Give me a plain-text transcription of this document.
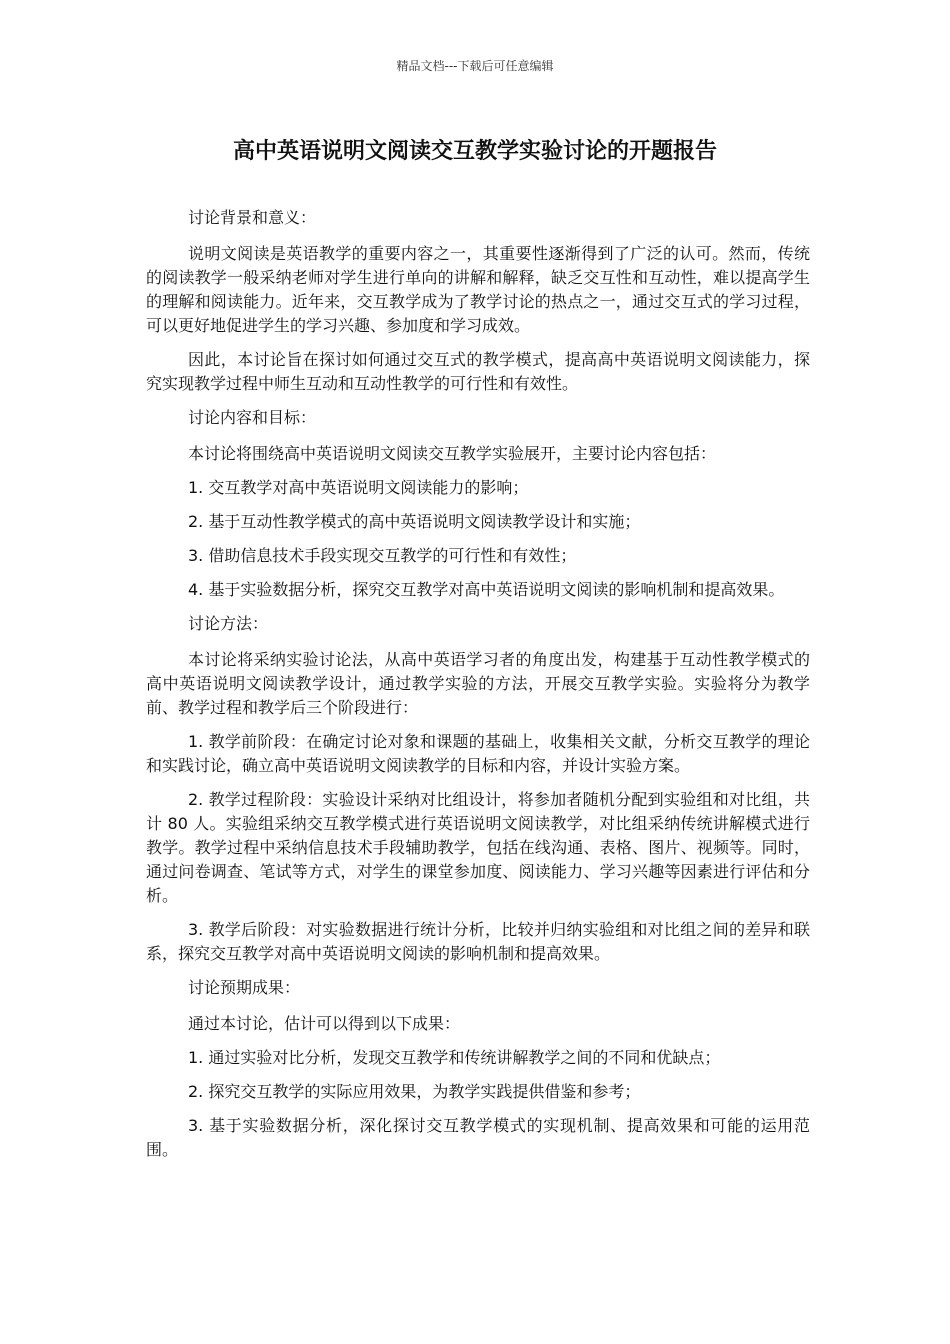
精品文档---下载后可任意编辑
高中英语说明文阅读交互教学实验讨论的开题报告

讨论背景和意义：

说明文阅读是英语教学的重要内容之一，其重要性逐渐得到了广泛的认可。然而，传统的阅读教学一般采纳老师对学生进行单向的讲解和解释，缺乏交互性和互动性，难以提高学生的理解和阅读能力。近年来，交互教学成为了教学讨论的热点之一，通过交互式的学习过程，可以更好地促进学生的学习兴趣、参加度和学习成效。

因此，本讨论旨在探讨如何通过交互式的教学模式，提高高中英语说明文阅读能力，探究实现教学过程中师生互动和互动性教学的可行性和有效性。

讨论内容和目标：

本讨论将围绕高中英语说明文阅读交互教学实验展开，主要讨论内容包括：

1. 交互教学对高中英语说明文阅读能力的影响；

2. 基于互动性教学模式的高中英语说明文阅读教学设计和实施；

3. 借助信息技术手段实现交互教学的可行性和有效性；

4. 基于实验数据分析，探究交互教学对高中英语说明文阅读的影响机制和提高效果。

讨论方法：

本讨论将采纳实验讨论法，从高中英语学习者的角度出发，构建基于互动性教学模式的高中英语说明文阅读教学设计，通过教学实验的方法，开展交互教学实验。实验将分为教学前、教学过程和教学后三个阶段进行：

1. 教学前阶段：在确定讨论对象和课题的基础上，收集相关文献，分析交互教学的理论和实践讨论，确立高中英语说明文阅读教学的目标和内容，并设计实验方案。

2. 教学过程阶段：实验设计采纳对比组设计，将参加者随机分配到实验组和对比组，共计 80 人。实验组采纳交互教学模式进行英语说明文阅读教学，对比组采纳传统讲解模式进行教学。教学过程中采纳信息技术手段辅助教学，包括在线沟通、表格、图片、视频等。同时，通过问卷调查、笔试等方式，对学生的课堂参加度、阅读能力、学习兴趣等因素进行评估和分析。

3. 教学后阶段：对实验数据进行统计分析，比较并归纳实验组和对比组之间的差异和联系，探究交互教学对高中英语说明文阅读的影响机制和提高效果。

讨论预期成果：

通过本讨论，估计可以得到以下成果：

1. 通过实验对比分析，发现交互教学和传统讲解教学之间的不同和优缺点；

2. 探究交互教学的实际应用效果，为教学实践提供借鉴和参考；

3. 基于实验数据分析，深化探讨交互教学模式的实现机制、提高效果和可能的运用范围。
